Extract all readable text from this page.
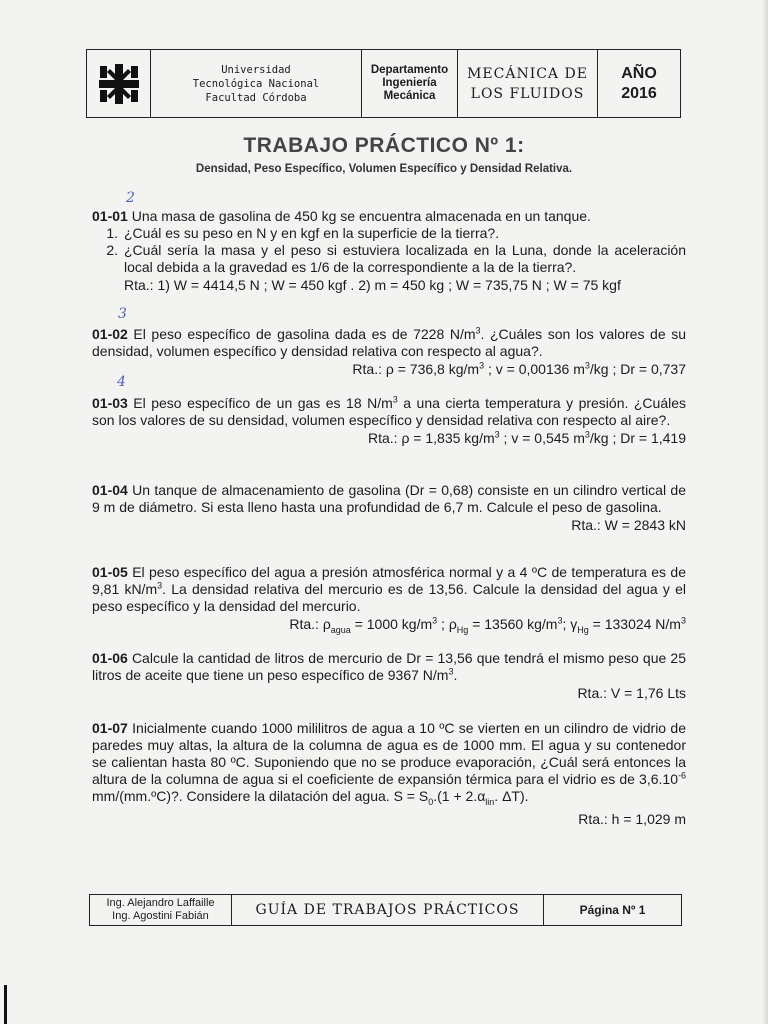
Universidad
Tecnológica Nacional
Facultad Córdoba
Departamento
Ingeniería
Mecánica
MECÁNICA DE
LOS FLUIDOS
AÑO
2016
TRABAJO PRÁCTICO Nº 1:
Densidad, Peso Específico, Volumen Específico y Densidad Relativa.
2
3
4
01-01 Una masa de gasolina de 450 kg se encuentra almacenada en un tanque.
1. ¿Cuál es su peso en N y en kgf en la superficie de la tierra?.
2. ¿Cuál sería la masa y el peso si estuviera localizada en la Luna, donde la aceleración local debida a la gravedad es 1/6 de la correspondiente a la de la tierra?.
Rta.: 1) W = 4414,5 N ; W = 450 kgf . 2) m = 450 kg ; W = 735,75 N ; W = 75 kgf
01-02 El peso específico de gasolina dada es de 7228 $N/m^3$. ¿Cuáles son los valores de su densidad, volumen específico y densidad relativa con respecto al agua?.
Rta.: ρ = 736,8 $kg/m^3$ ; v = 0,00136 $m^3/kg$ ; Dr = 0,737
01-03 El peso específico de un gas es 18 $N/m^3$ a una cierta temperatura y presión. ¿Cuáles son los valores de su densidad, volumen específico y densidad relativa con respecto al aire?.
Rta.: ρ = 1,835 $kg/m^3$ ; v = 0,545 $m^3/kg$ ; Dr = 1,419
01-04 Un tanque de almacenamiento de gasolina (Dr = 0,68) consiste en un cilindro vertical de 9 m de diámetro. Si esta lleno hasta una profundidad de 6,7 m. Calcule el peso de gasolina.
Rta.: W = 2843 kN
01-05 El peso específico del agua a presión atmosférica normal y a 4 ºC de temperatura es de 9,81 $kN/m^3$. La densidad relativa del mercurio es de 13,56. Calcule la densidad del agua y el peso específico y la densidad del mercurio.
Rta.: $\rho_{agua} = 1000$ $kg/m^3$ ; $\rho_{Hg} = 13560$ $kg/m^3$; $\gamma_{Hg} = 133024$ $N/m^3$
01-06 Calcule la cantidad de litros de mercurio de Dr = 13,56 que tendrá el mismo peso que 25 litros de aceite que tiene un peso específico de 9367 $N/m^3$.
Rta.: V = 1,76 Lts
01-07 Inicialmente cuando 1000 mililitros de agua a 10 ºC se vierten en un cilindro de vidrio de paredes muy altas, la altura de la columna de agua es de 1000 mm. El agua y su contenedor se calientan hasta 80 ºC. Suponiendo que no se produce evaporación, ¿Cuál será entonces la altura de la columna de agua si el coeficiente de expansión térmica para el vidrio es de $3,6.10^{-6}$ mm/(mm.ºC)?. Considere la dilatación del agua. $S = S_0.(1 + 2.\alpha_{lin}$. ΔT).
Rta.: h = 1,029 m
Ing. Alejandro Laffaille
Ing. Agostini Fabián	GUÍA DE TRABAJOS PRÁCTICOS	Página Nº 1
